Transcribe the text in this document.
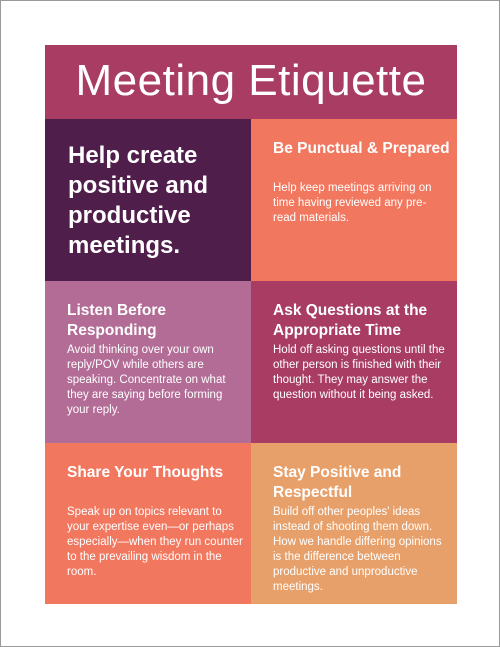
Meeting Etiquette
Help create positive and productive meetings.
Be Punctual & Prepared

Help keep meetings arriving on time having reviewed any pre-read materials.

Listen Before Responding

Avoid thinking over your own reply/POV while others are speaking. Concentrate on what they are saying before forming your reply.

Ask Questions at the Appropriate Time

Hold off asking questions until the other person is finished with their thought. They may answer the question without it being asked.

Share Your Thoughts

Speak up on topics relevant to your expertise even—or perhaps especially—when they run counter to the prevailing wisdom in the room.

Stay Positive and Respectful

Build off other peoples' ideas instead of shooting them down. How we handle differing opinions is the difference between productive and unproductive meetings.
